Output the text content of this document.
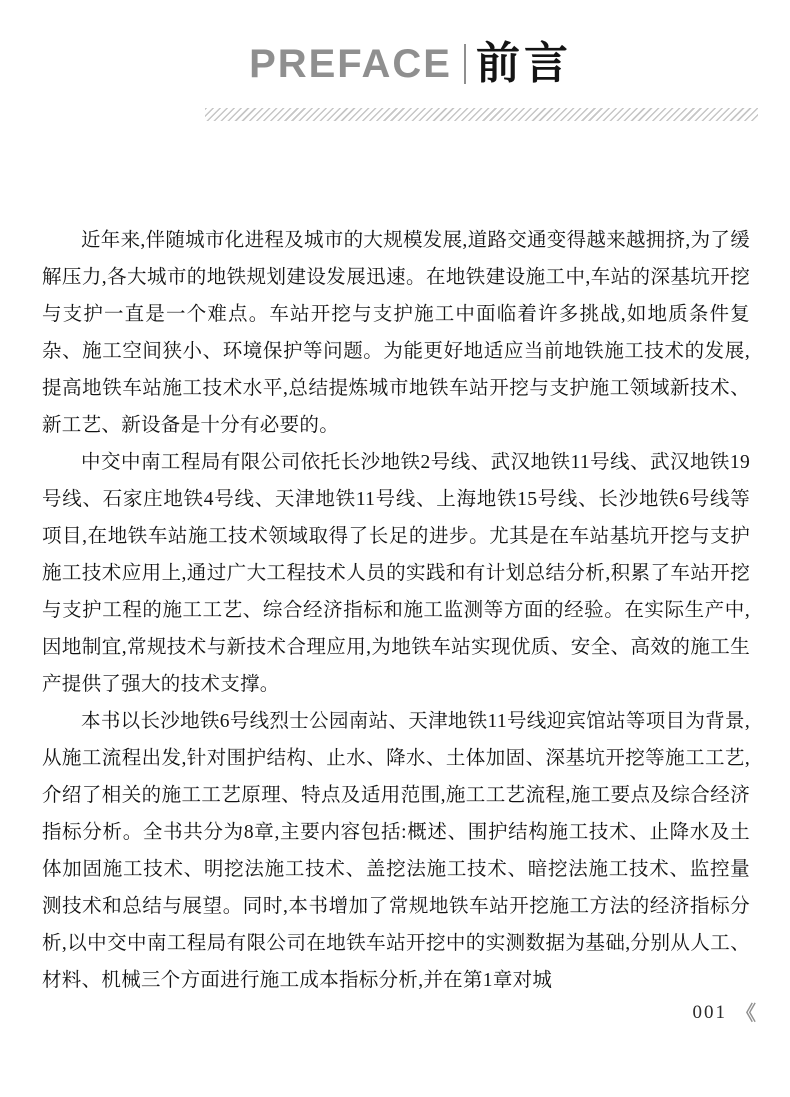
PREFACE 前言

近年来,伴随城市化进程及城市的大规模发展,道路交通变得越来越拥挤,为了缓解压力,各大城市的地铁规划建设发展迅速。在地铁建设施工中,车站的深基坑开挖与支护一直是一个难点。车站开挖与支护施工中面临着许多挑战,如地质条件复杂、施工空间狭小、环境保护等问题。为能更好地适应当前地铁施工技术的发展,提高地铁车站施工技术水平,总结提炼城市地铁车站开挖与支护施工领域新技术、新工艺、新设备是十分有必要的。

中交中南工程局有限公司依托长沙地铁2号线、武汉地铁11号线、武汉地铁19号线、石家庄地铁4号线、天津地铁11号线、上海地铁15号线、长沙地铁6号线等项目,在地铁车站施工技术领域取得了长足的进步。尤其是在车站基坑开挖与支护施工技术应用上,通过广大工程技术人员的实践和有计划总结分析,积累了车站开挖与支护工程的施工工艺、综合经济指标和施工监测等方面的经验。在实际生产中,因地制宜,常规技术与新技术合理应用,为地铁车站实现优质、安全、高效的施工生产提供了强大的技术支撑。

本书以长沙地铁6号线烈士公园南站、天津地铁11号线迎宾馆站等项目为背景,从施工流程出发,针对围护结构、止水、降水、土体加固、深基坑开挖等施工工艺,介绍了相关的施工工艺原理、特点及适用范围,施工工艺流程,施工要点及综合经济指标分析。全书共分为8章,主要内容包括:概述、围护结构施工技术、止降水及土体加固施工技术、明挖法施工技术、盖挖法施工技术、暗挖法施工技术、监控量测技术和总结与展望。同时,本书增加了常规地铁车站开挖施工方法的经济指标分析,以中交中南工程局有限公司在地铁车站开挖中的实测数据为基础,分别从人工、材料、机械三个方面进行施工成本指标分析,并在第1章对城

001 《
